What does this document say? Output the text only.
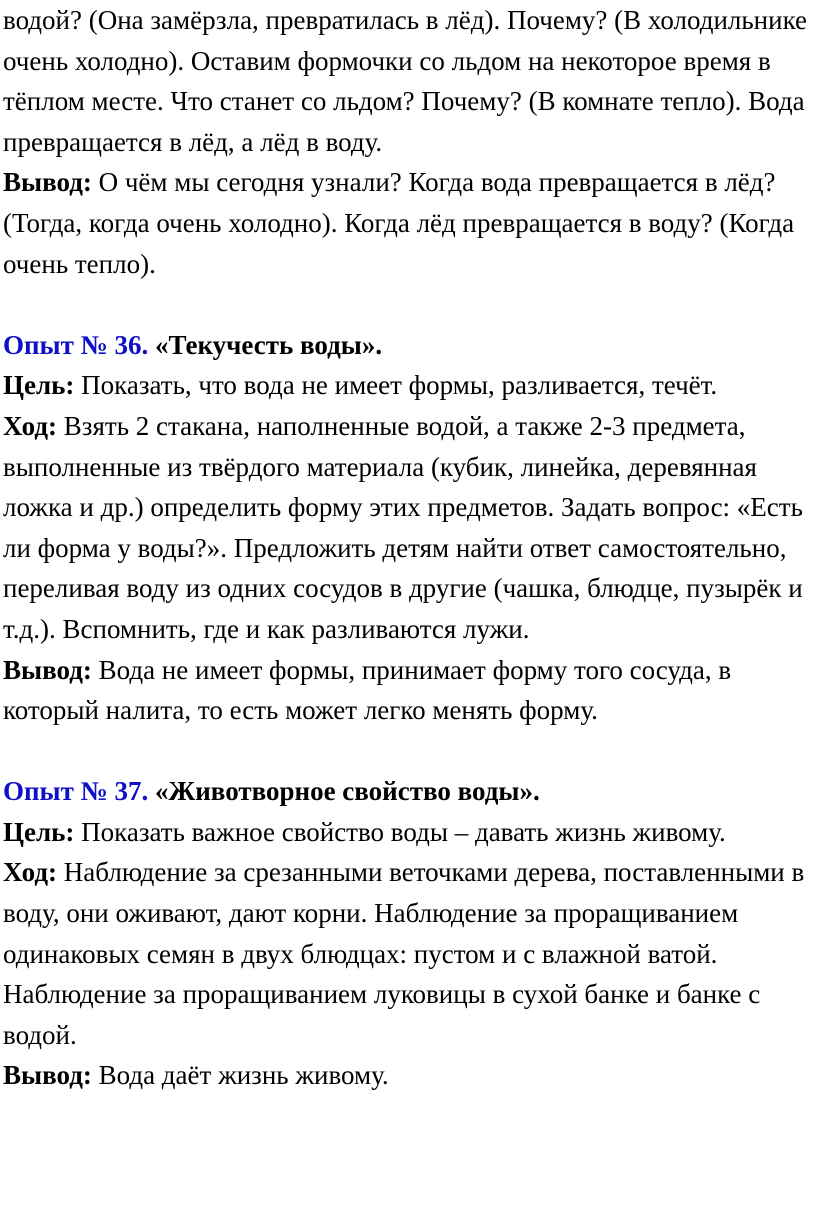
водой? (Она замёрзла, превратилась в лёд). Почему? (В холодильнике очень холодно). Оставим формочки со льдом на некоторое время в тёплом месте. Что станет со льдом? Почему? (В комнате тепло). Вода превращается в лёд, а лёд в воду.

Вывод: О чём мы сегодня узнали? Когда вода превращается в лёд? (Тогда, когда очень холодно). Когда лёд превращается в воду? (Когда очень тепло).

Опыт № 36. «Текучесть воды».

Цель: Показать, что вода не имеет формы, разливается, течёт.

Ход: Взять 2 стакана, наполненные водой, а также 2-3 предмета, выполненные из твёрдого материала (кубик, линейка, деревянная ложка и др.) определить форму этих предметов. Задать вопрос: «Есть ли форма у воды?». Предложить детям найти ответ самостоятельно, переливая воду из одних сосудов в другие (чашка, блюдце, пузырёк и т.д.). Вспомнить, где и как разливаются лужи.

Вывод: Вода не имеет формы, принимает форму того сосуда, в который налита, то есть может легко менять форму.

Опыт № 37. «Животворное свойство воды».

Цель: Показать важное свойство воды – давать жизнь живому.

Ход: Наблюдение за срезанными веточками дерева, поставленными в воду, они оживают, дают корни. Наблюдение за проращиванием одинаковых семян в двух блюдцах: пустом и с влажной ватой. Наблюдение за проращиванием луковицы в сухой банке и банке с водой.

Вывод: Вода даёт жизнь живому.
